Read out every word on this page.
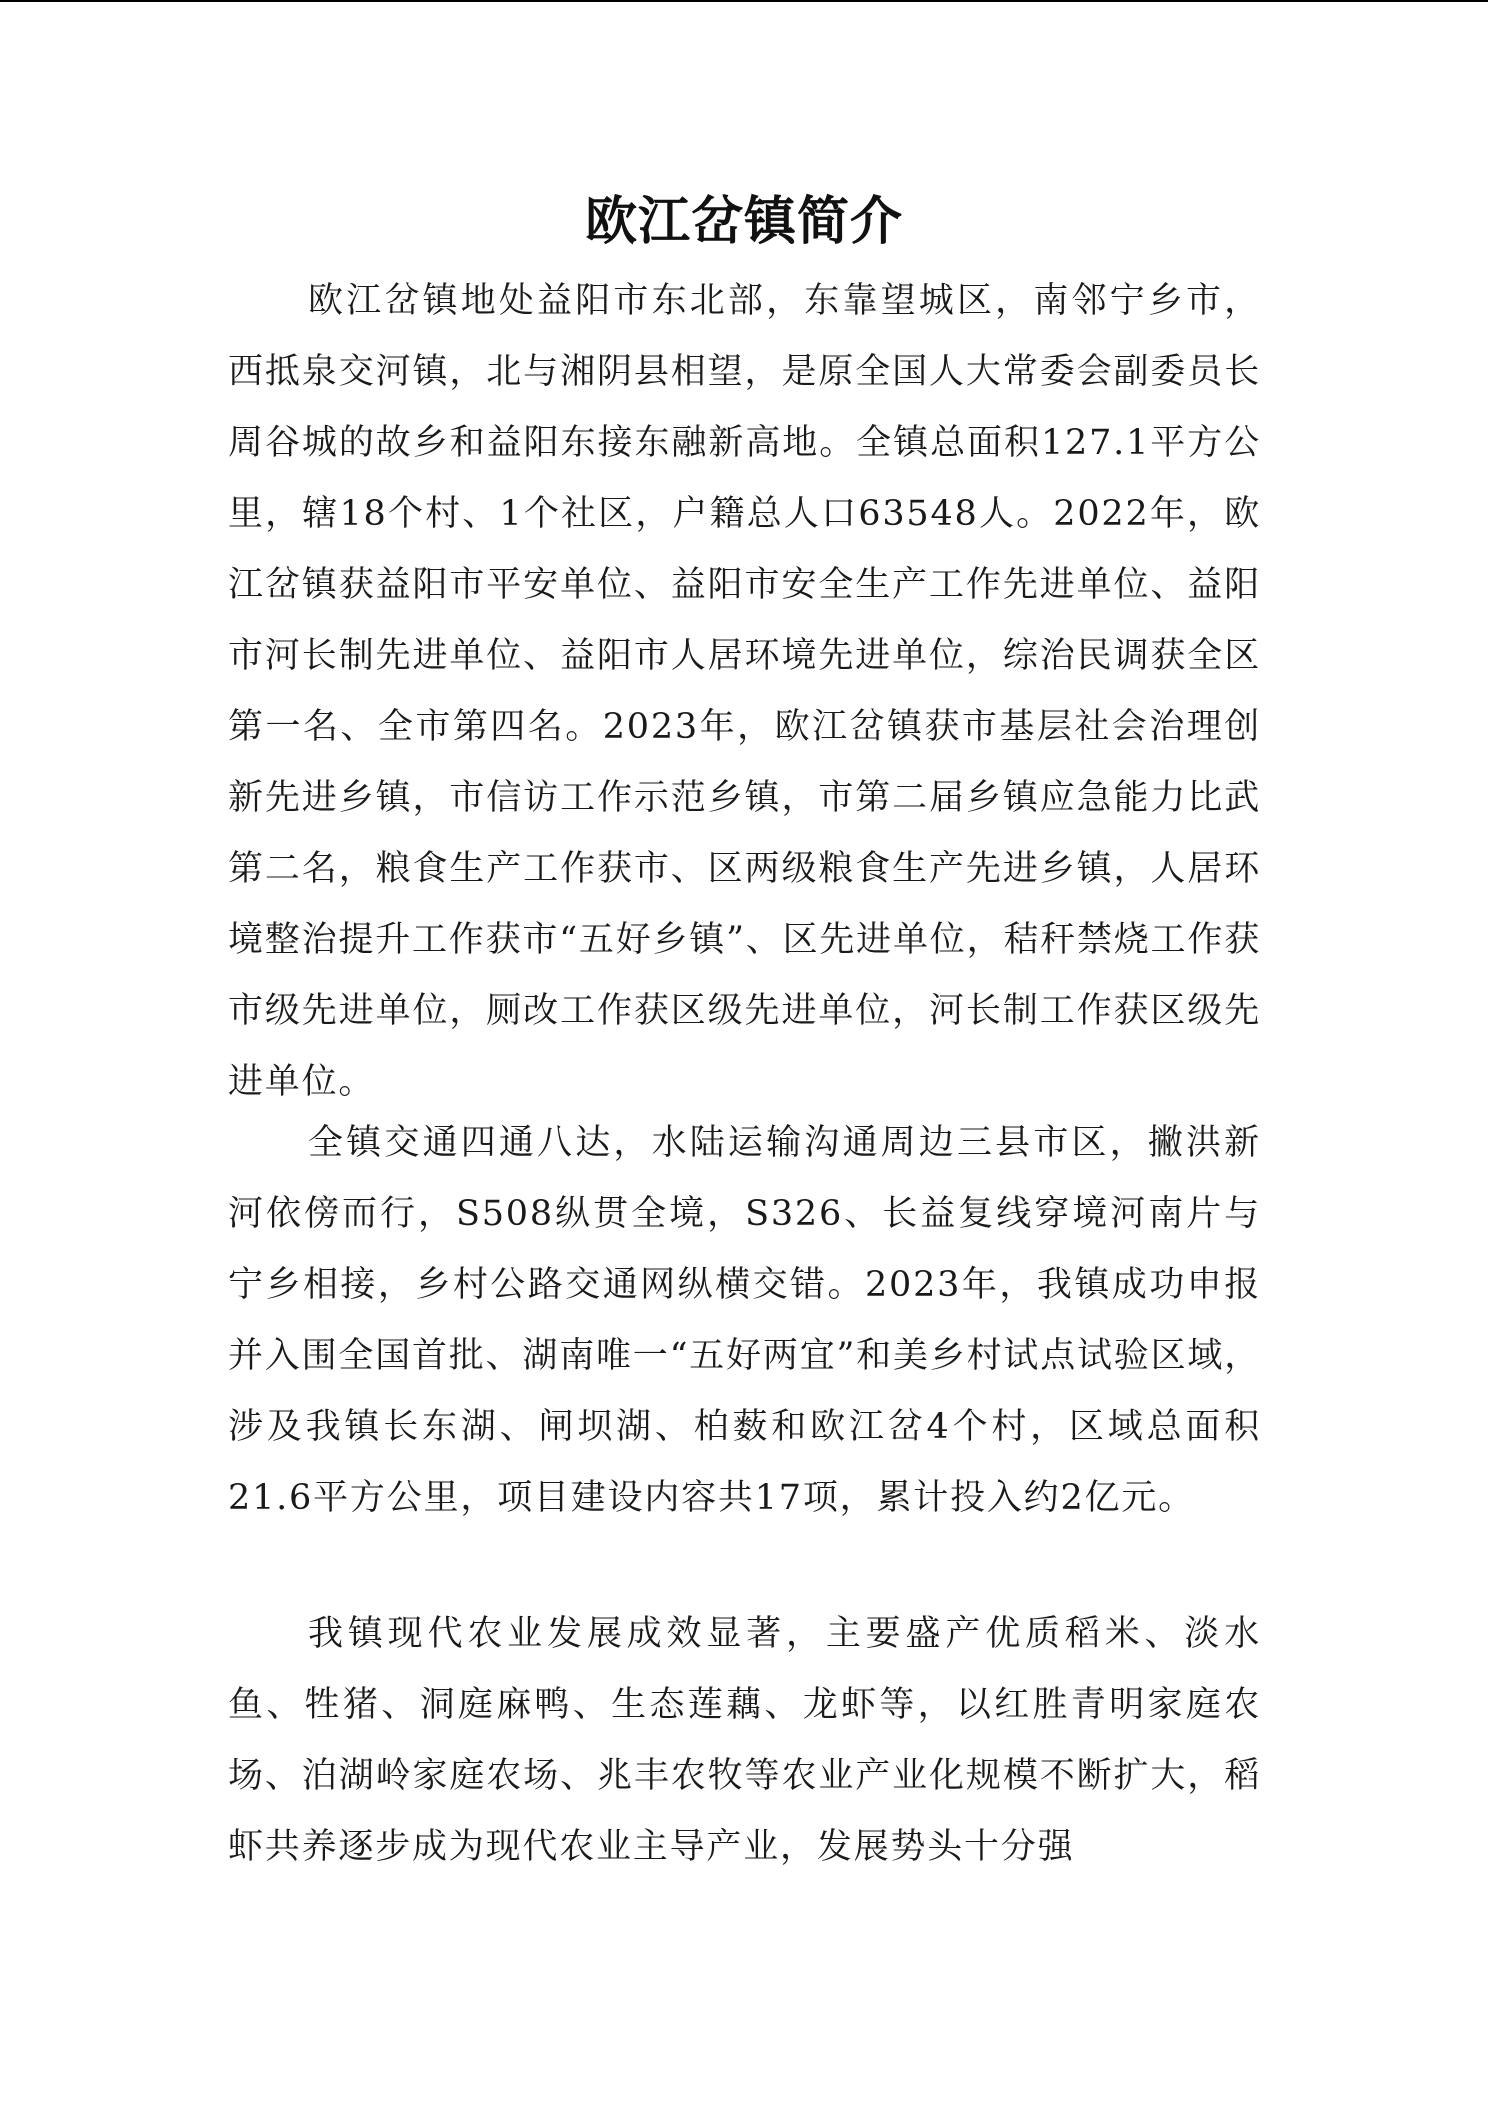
欧江岔镇简介

欧江岔镇地处益阳市东北部，东靠望城区，南邻宁乡市，西抵泉交河镇，北与湘阴县相望，是原全国人大常委会副委员长周谷城的故乡和益阳东接东融新高地。全镇总面积127.1平方公里，辖18个村、1个社区，户籍总人口63548人。2022年，欧江岔镇获益阳市平安单位、益阳市安全生产工作先进单位、益阳市河长制先进单位、益阳市人居环境先进单位，综治民调获全区第一名、全市第四名。2023年，欧江岔镇获市基层社会治理创新先进乡镇，市信访工作示范乡镇，市第二届乡镇应急能力比武第二名，粮食生产工作获市、区两级粮食生产先进乡镇，人居环境整治提升工作获市“五好乡镇”、区先进单位，秸秆禁烧工作获市级先进单位，厕改工作获区级先进单位，河长制工作获区级先进单位。

全镇交通四通八达，水陆运输沟通周边三县市区，撇洪新河依傍而行，S508纵贯全境，S326、长益复线穿境河南片与宁乡相接，乡村公路交通网纵横交错。2023年，我镇成功申报并入围全国首批、湖南唯一“五好两宜”和美乡村试点试验区域，涉及我镇长东湖、闸坝湖、柏薮和欧江岔4个村，区域总面积21.6平方公里，项目建设内容共17项，累计投入约2亿元。

我镇现代农业发展成效显著，主要盛产优质稻米、淡水鱼、牲猪、洞庭麻鸭、生态莲藕、龙虾等，以红胜青明家庭农场、泊湖岭家庭农场、兆丰农牧等农业产业化规模不断扩大，稻虾共养逐步成为现代农业主导产业，发展势头十分强
